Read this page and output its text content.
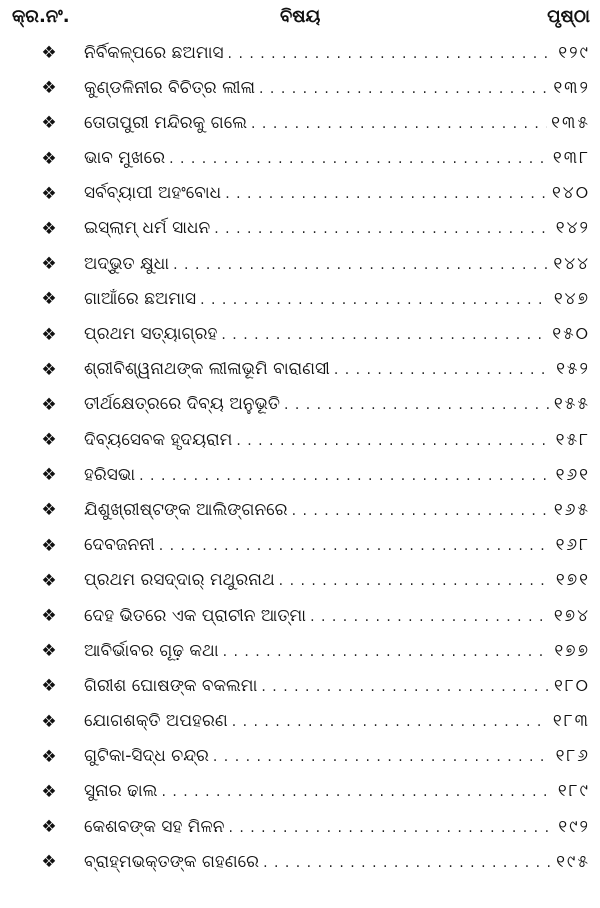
କ୍ର.ନଂ.	ବିଷୟ	ପୃଷ୍ଠା
❖ ନିର୍ବିକଳ୍ପରେ ଛଅମାସ . . .	୧୨୯
❖ କୁଣ୍ଡଳିନୀର ବିଚିତ୍ର ଲୀଳା . . .	୧୩୨
❖ ତୋତାପୁରୀ ମନ୍ଦିରକୁ ଗଲେ . . .	୧୩୫
❖ ଭାବ ମୁଖରେ . . .	୧୩୮
❖ ସର୍ବବ୍ୟାପୀ ଅହଂବୋଧ . . .	୧୪୦
❖ ଇସ୍‌ଲାମ୍ ଧର୍ମ ସାଧନ . . .	୧୪୨
❖ ଅଦ୍ଭୁତ କ୍ଷୁଧା . . .	୧୪୪
❖ ଗାଆଁରେ ଛଅମାସ . . .	୧୪୭
❖ ପ୍ରଥମ ସତ୍ୟାଗ୍ରହ . . .	୧୫୦
❖ ଶ୍ରୀବିଶ୍ୱନାଥଙ୍କ ଲୀଳାଭୂମି ବାରାଣସୀ . . .	୧୫୨
❖ ତୀର୍ଥକ୍ଷେତ୍ରରେ ଦିବ୍ୟ ଅନୁଭୂତି . . .	୧୫୫
❖ ଦିବ୍ୟସେବକ ହୃଦୟରାମ . . .	୧୫୮
❖ ହରିସଭା . . .	୧୬୧
❖ ଯିଶୁଖ୍ରୀଷ୍ଟଙ୍କ ଆଲିଙ୍ଗନରେ . . .	୧୬୫
❖ ଦେବଜନନୀ . . .	୧୬୮
❖ ପ୍ରଥମ ରସଦ୍‌ଦାର୍ ମଥୁରନାଥ . . .	୧୭୧
❖ ଦେହ ଭିତରେ ଏକ ପ୍ରାଚୀନ ଆତ୍ମା . . .	୧୭୪
❖ ଆବିର୍ଭାବର ଗୂଢ଼ କଥା . . .	୧୭୭
❖ ଗିରୀଶ ଘୋଷଙ୍କ ବକଲମା . . .	୧୮୦
❖ ଯୋଗଶକ୍ତି ଅପହରଣ . . .	୧୮୩
❖ ଗୁଟିକା-ସିଦ୍ଧ ଚନ୍ଦ୍ର . . .	୧୮୬
❖ ସୁନାର ଢାଲ . . .	୧୮୯
❖ କେଶବଙ୍କ ସହ ମିଳନ . . .	୧୯୨
❖ ବ୍ରାହ୍ମଭକ୍ତଙ୍କ ଗହଣରେ . . .	୧୯୫
